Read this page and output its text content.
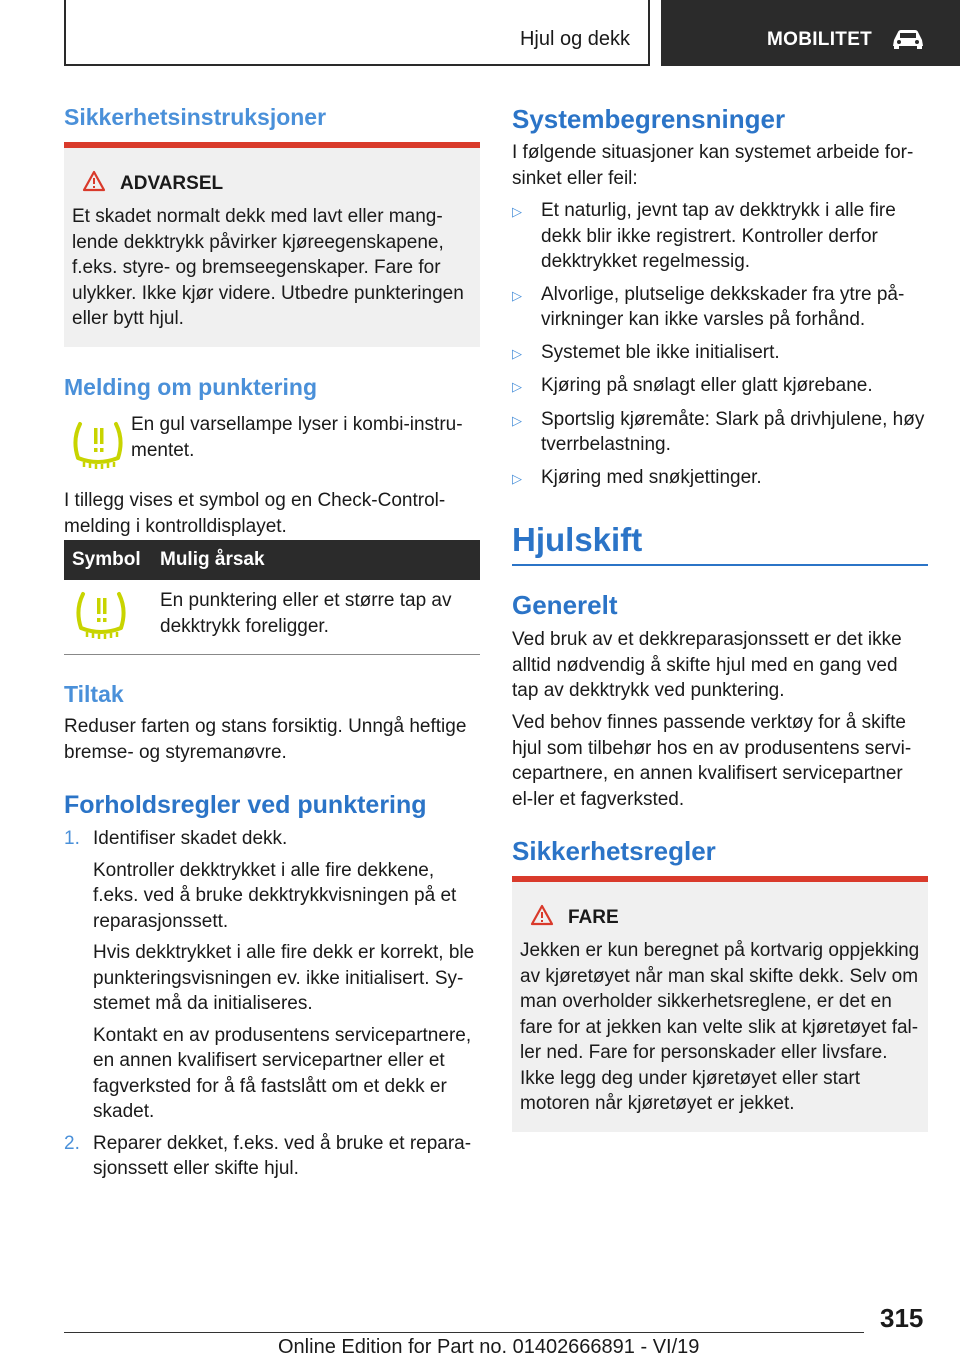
Hjul og dekk	MOBILITET
Sikkerhetsinstruksjoner
ADVARSEL
Et skadet normalt dekk med lavt eller mang-lende dekktrykk påvirker kjøreegenskapene, f.eks. styre- og bremseegenskaper. Fare for ulykker. Ikke kjør videre. Utbedre punkteringen eller bytt hjul.
Melding om punktering
En gul varsellampe lyser i kombi-instru-mentet.
I tillegg vises et symbol og en Check-Control-melding i kontrolldisplayet.
Symbol	Mulig årsak
	En punktering eller et større tap av dekktrykk foreligger.
Tiltak
Reduser farten og stans forsiktig. Unngå heftige bremse- og styremanøvre.
Forholdsregler ved punktering
1. Identifiser skadet dekk.
Kontroller dekktrykket i alle fire dekkene, f.eks. ved å bruke dekktrykkvisningen på et reparasjonssett.
Hvis dekktrykket i alle fire dekk er korrekt, ble punkteringsvisningen ev. ikke initialisert. Sy-stemet må da initialiseres.
Kontakt en av produsentens servicepartnere, en annen kvalifisert servicepartner eller et fagverksted for å få fastslått om et dekk er skadet.
2. Reparer dekket, f.eks. ved å bruke et repara-sjonssett eller skifte hjul.
Systembegrensninger
I følgende situasjoner kan systemet arbeide for-sinket eller feil:
▷	Et naturlig, jevnt tap av dekktrykk i alle fire dekk blir ikke registrert. Kontroller derfor dekktrykket regelmessig.
▷	Alvorlige, plutselige dekkskader fra ytre på-virkninger kan ikke varsles på forhånd.
▷	Systemet ble ikke initialisert.
▷	Kjøring på snølagt eller glatt kjørebane.
▷	Sportslig kjøremåte: Slark på drivhjulene, høy tverrbelastning.
▷	Kjøring med snøkjettinger.
Hjulskift
Generelt
Ved bruk av et dekkreparasjonssett er det ikke alltid nødvendig å skifte hjul med en gang ved tap av dekktrykk ved punktering.
Ved behov finnes passende verktøy for å skifte hjul som tilbehør hos en av produsentens servi-cepartnere, en annen kvalifisert servicepartner el-ler et fagverksted.
Sikkerhetsregler
FARE
Jekken er kun beregnet på kortvarig oppjekking av kjøretøyet når man skal skifte dekk. Selv om man overholder sikkerhetsreglene, er det en fare for at jekken kan velte slik at kjøretøyet fal-ler ned. Fare for personskader eller livsfare. Ikke legg deg under kjøretøyet eller start motoren når kjøretøyet er jekket.
315
Online Edition for Part no. 01402666891 - VI/19
